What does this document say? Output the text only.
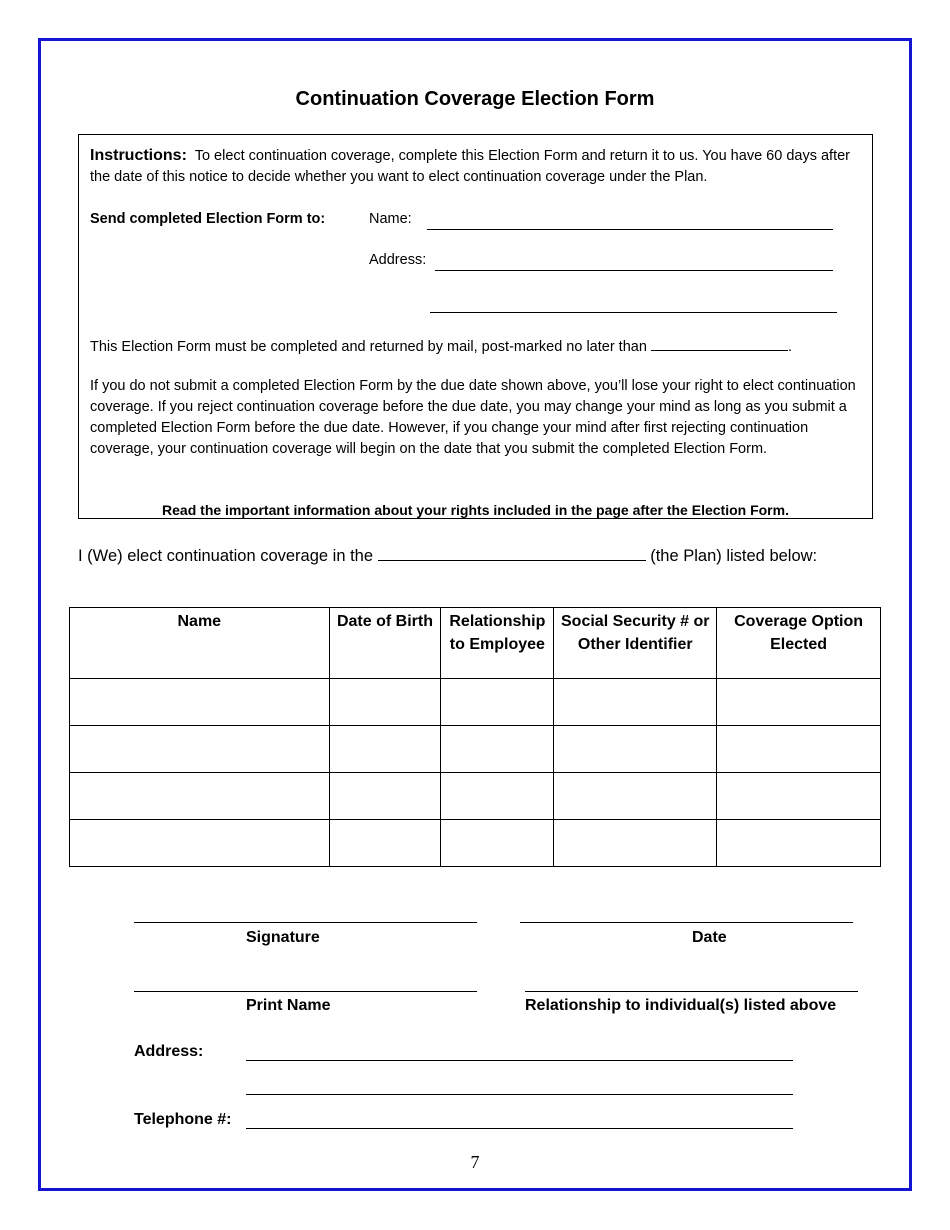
Continuation Coverage Election Form
Instructions: To elect continuation coverage, complete this Election Form and return it to us. You have 60 days after the date of this notice to decide whether you want to elect continuation coverage under the Plan.
Send completed Election Form to:	Name:
Address:
This Election Form must be completed and returned by mail, post-marked no later than	.
If you do not submit a completed Election Form by the due date shown above, you’ll lose your right to elect continuation coverage. If you reject continuation coverage before the due date, you may change your mind as long as you submit a completed Election Form before the due date. However, if you change your mind after first rejecting continuation coverage, your continuation coverage will begin on the date that you submit the completed Election Form.
Read the important information about your rights included in the page after the Election Form.
I (We) elect continuation coverage in the	(the Plan) listed below:
Name	Date of Birth	Relationship to Employee	Social Security # or Other Identifier	Coverage Option Elected

Signature	Date
Print Name	Relationship to individual(s) listed above
Address:
Telephone #:
7
